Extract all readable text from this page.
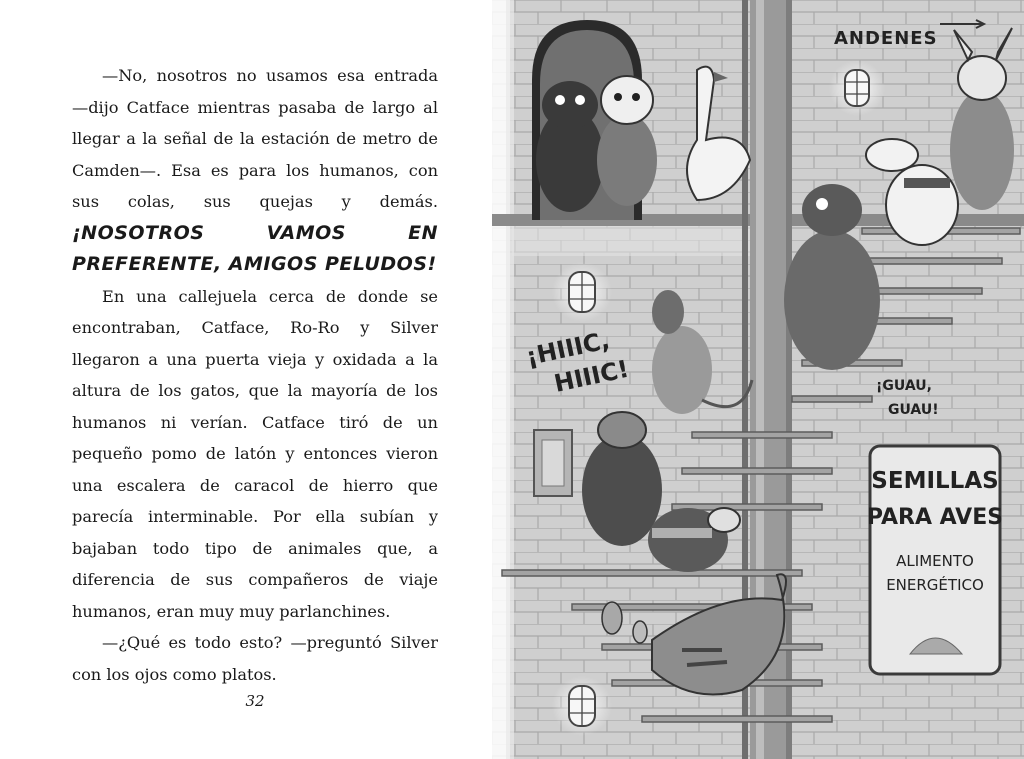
—No, nosotros no usamos esa entrada —dijo Catface mientras pasaba de largo al llegar a la señal de la estación de metro de Camden—. Esa es para los humanos, con sus colas, sus quejas y demás. ¡NOSOTROS VAMOS EN PREFERENTE, AMIGOS PELUDOS!

En una callejuela cerca de donde se encontraban, Catface, Ro-Ro y Silver llegaron a una puerta vieja y oxidada a la altura de los gatos, que la mayoría de los humanos ni verían. Catface tiró de un pequeño pomo de latón y entonces vieron una escalera de caracol de hierro que parecía interminable. Por ella subían y bajaban todo tipo de animales que, a diferencia de sus compañeros de viaje humanos, eran muy muy parlanchines.

—¿Qué es todo esto? —preguntó Silver con los ojos como platos.

32
ANDENES
¡HIIIC,
HIIIC!	¡GUAU,
GUAU!
SEMILLAS
PARA AVES
ALIMENTO
ENERGÉTICO
